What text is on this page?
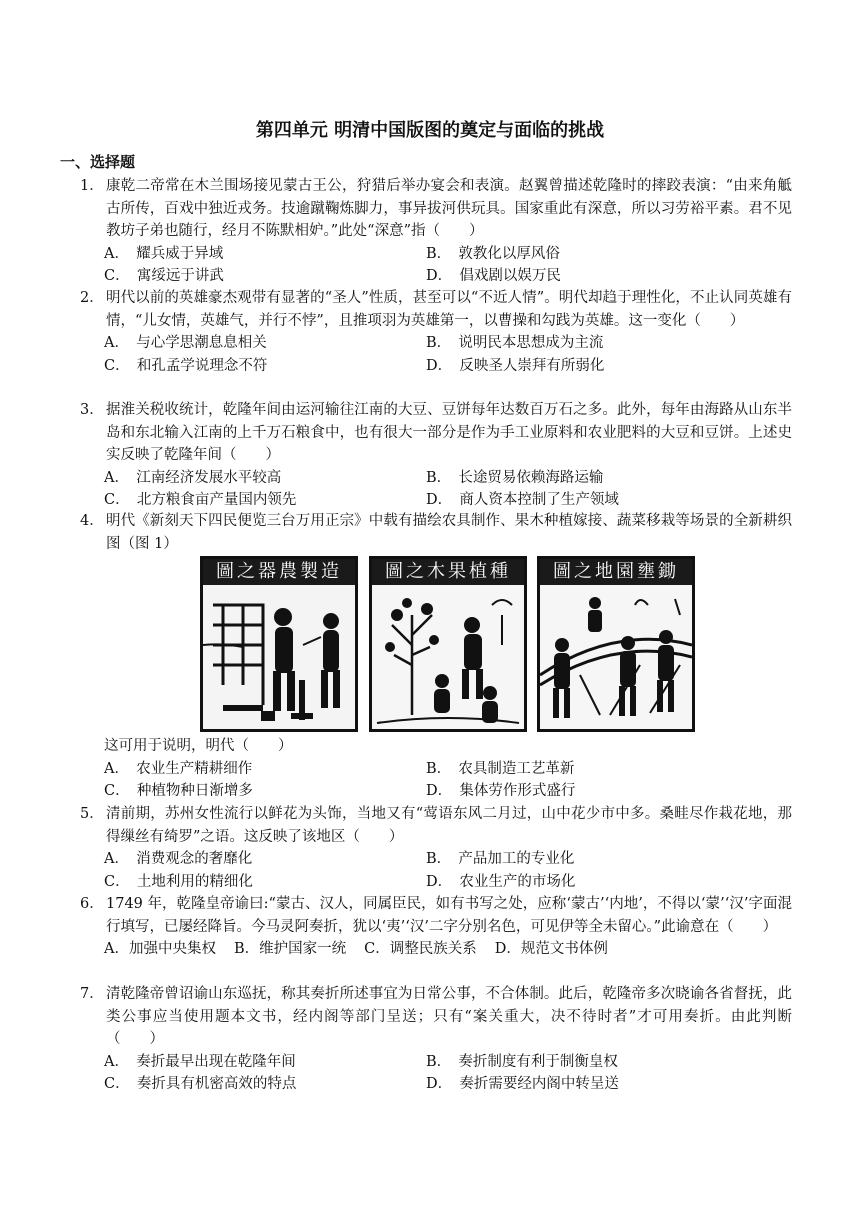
第四单元 明清中国版图的奠定与面临的挑战
一、选择题
1． 康乾二帝常在木兰围场接见蒙古王公，狩猎后举办宴会和表演。赵翼曾描述乾隆时的摔跤表演：“由来角觝古所传，百戏中独近戎务。技逾蹴鞠炼脚力，事异拔河供玩具。国家重此有深意，所以习劳裕平素。君不见教坊子弟也随行，经月不陈默相妒。”此处“深意”指（　　）
A．　耀兵威于异域	B．　敦教化以厚风俗
C．　寓绥远于讲武	D．　倡戏剧以娱万民
2． 明代以前的英雄豪杰观带有显著的“圣人”性质，甚至可以“不近人情”。明代却趋于理性化，不止认同英雄有情，“儿女情，英雄气，并行不悖”，且推项羽为英雄第一，以曹操和勾践为英雄。这一变化（　　）
A．　与心学思潮息息相关	B．　说明民本思想成为主流
C．　和孔孟学说理念不符	D．　反映圣人崇拜有所弱化
3． 据淮关税收统计，乾隆年间由运河输往江南的大豆、豆饼每年达数百万石之多。此外，每年由海路从山东半岛和东北输入江南的上千万石粮食中，也有很大一部分是作为手工业原料和农业肥料的大豆和豆饼。上述史实反映了乾隆年间（　　）
A．　江南经济发展水平较高	B．　长途贸易依赖海路运输
C．　北方粮食亩产量国内领先	D．　商人资本控制了生产领域
4． 明代《新刻天下四民便览三台万用正宗》中载有描绘农具制作、果木种植嫁接、蔬菜移栽等场景的全新耕织图（图 1）
造製農器之圖	種植果木之圖	鋤壅園地之圖
这可用于说明，明代（　　）
A．　农业生产精耕细作	B．　农具制造工艺革新
C．　种植物种日渐增多	D．　集体劳作形式盛行
5． 清前期，苏州女性流行以鲜花为头饰，当地又有“莺语东风二月过，山中花少市中多。桑畦尽作栽花地，那得缫丝有绮罗”之语。这反映了该地区（　　）
A．　消费观念的奢靡化	B．　产品加工的专业化
C．　土地利用的精细化	D．　农业生产的市场化
6． 1749 年，乾隆皇帝谕曰:“蒙古、汉人，同属臣民，如有书写之处，应称‘蒙古’‘内地’，不得以‘蒙’‘汉’字面混行填写，已屡经降旨。今马灵阿奏折，犹以‘夷’‘汉’二字分别名色，可见伊等全未留心。”此谕意在（　　）
A．加强中央集权 B．维护国家一统 C．调整民族关系 D．规范文书体例
7． 清乾隆帝曾诏谕山东巡抚，称其奏折所述事宜为日常公事，不合体制。此后，乾隆帝多次晓谕各省督抚，此类公事应当使用题本文书，经内阁等部门呈送；只有“案关重大，决不待时者”才可用奏折。由此判断（　　）
A．　奏折最早出现在乾隆年间	B．　奏折制度有利于制衡皇权
C．　奏折具有机密高效的特点	D．　奏折需要经内阁中转呈送
